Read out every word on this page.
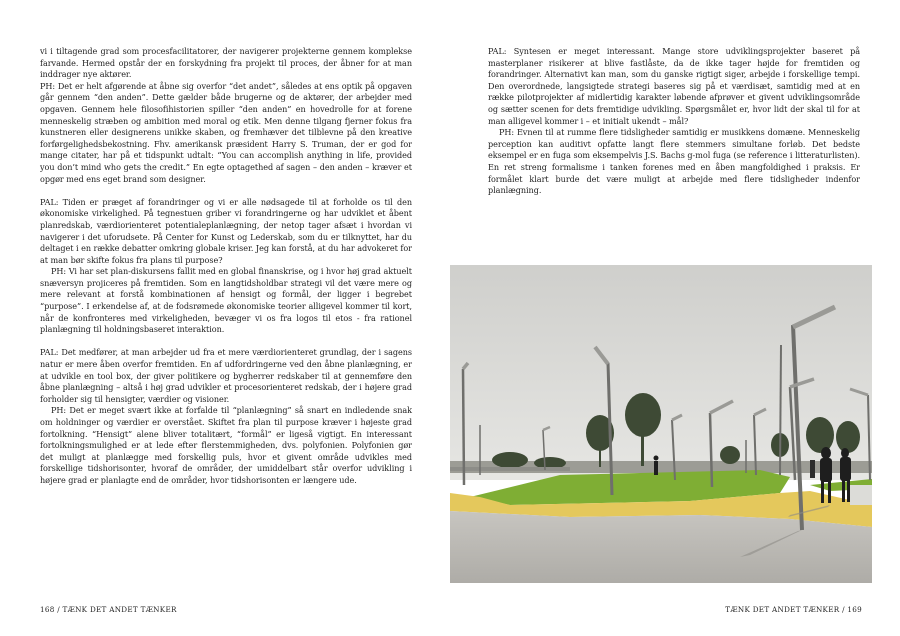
vi i tiltagende grad som procesfacilitatorer, der navigerer projekterne gennem komplekse farvande. Hermed opstår der en forskydning fra projekt til proces, der åbner for at man inddrager nye aktører.

PH: Det er helt afgørende at åbne sig overfor “det andet”, således at ens optik på opgaven går gennem “den anden”. Dette gælder både brugerne og de aktører, der arbejder med opgaven. Gennem hele filosofihistorien spiller “den anden” en hovedrolle for at forene menneskelig stræben og ambition med moral og etik. Men denne tilgang fjerner fokus fra kunstneren eller designerens unikke skaben, og fremhæver det tilblevne på den kreative forførgelighedsbekostning. Fhv. amerikansk præsident Harry S. Truman, der er god for mange citater, har på et tidspunkt udtalt: “You can accomplish anything in life, provided you don’t mind who gets the credit.” En egte optagethed af sagen – den anden – kræver et opgør med ens eget brand som designer.

PAL: Tiden er præget af forandringer og vi er alle nødsagede til at forholde os til den økonomiske virkelighed. På tegnestuen griber vi forandringerne og har udviklet et åbent planredskab, værdiorienteret potentialeplanlægning, der netop tager afsæt i hvordan vi navigerer i det uforudsete. På Center for Kunst og Lederskab, som du er tilknyttet, har du deltaget i en række debatter omkring globale kriser. Jeg kan forstå, at du har advokeret for at man bør skifte fokus fra plans til purpose?

PH: Vi har set plan-diskursens fallit med en global finanskrise, og i hvor høj grad aktuelt snæversyn projiceres på fremtiden. Som en langtidsholdbar strategi vil det være mere og mere relevant at forstå kombinationen af hensigt og formål, der ligger i begrebet “purpose”. I erkendelse af, at de fodsrømede økonomiske teorier alligevel kommer til kort, når de konfronteres med virkeligheden, bevæger vi os fra logos til etos - fra rationel planlægning til holdningsbaseret interaktion.

PAL: Det medfører, at man arbejder ud fra et mere værdiorienteret grundlag, der i sagens natur er mere åben overfor fremtiden. En af udfordringerne ved den åbne planlægning, er at udvikle en tool box, der giver politikere og bygherrer redskaber til at gennemføre den åbne planlægning – altså i høj grad udvikler et procesorienteret redskab, der i højere grad forholder sig til hensigter, værdier og visioner.

PH: Det er meget svært ikke at forfalde til “planlægning” så snart en indledende snak om holdninger og værdier er overstået. Skiftet fra plan til purpose kræver i højeste grad fortolkning. “Hensigt” alene bliver totalitært, “formål” er ligeså vigtigt. En interessant fortolkningsmulighed er at lede efter flerstemmigheden, dvs. polyfonien. Polyfonien gør det muligt at planlægge med forskellig puls, hvor et givent område udvikles med forskellige tidshorisonter, hvoraf de områder, der umiddelbart står overfor udvikling i højere grad er planlagte end de områder, hvor tidshorisonten er længere ude.

168 / TÆNK DET ANDET TÆNKER

PAL: Syntesen er meget interessant. Mange store udviklingsprojekter baseret på masterplaner risikerer at blive fastlåste, da de ikke tager højde for fremtiden og forandringer. Alternativt kan man, som du ganske rigtigt siger, arbejde i forskellige tempi. Den overordnede, langsigtede strategi baseres sig på et værdisæt, samtidig med at en række pilotprojekter af midlertidig karakter løbende afprøver et givent udviklingsområde og sætter scenen for dets fremtidige udvikling. Spørgsmålet er, hvor lidt der skal til for at man alligevel kommer i – et initialt ukendt – mål?

PH: Evnen til at rumme flere tidsligheder samtidig er musikkens domæne. Menneskelig perception kan auditivt opfatte langt flere stemmers simultane forløb. Det bedste eksempel er en fuga som eksempelvis J.S. Bachs g-mol fuga (se reference i litteraturlisten). En ret streng formalisme i tanken forenes med en åben mangfoldighed i praksis. Er formålet klart burde det være muligt at arbejde med flere tidsligheder indenfor planlægning.

TÆNK DET ANDET TÆNKER / 169
